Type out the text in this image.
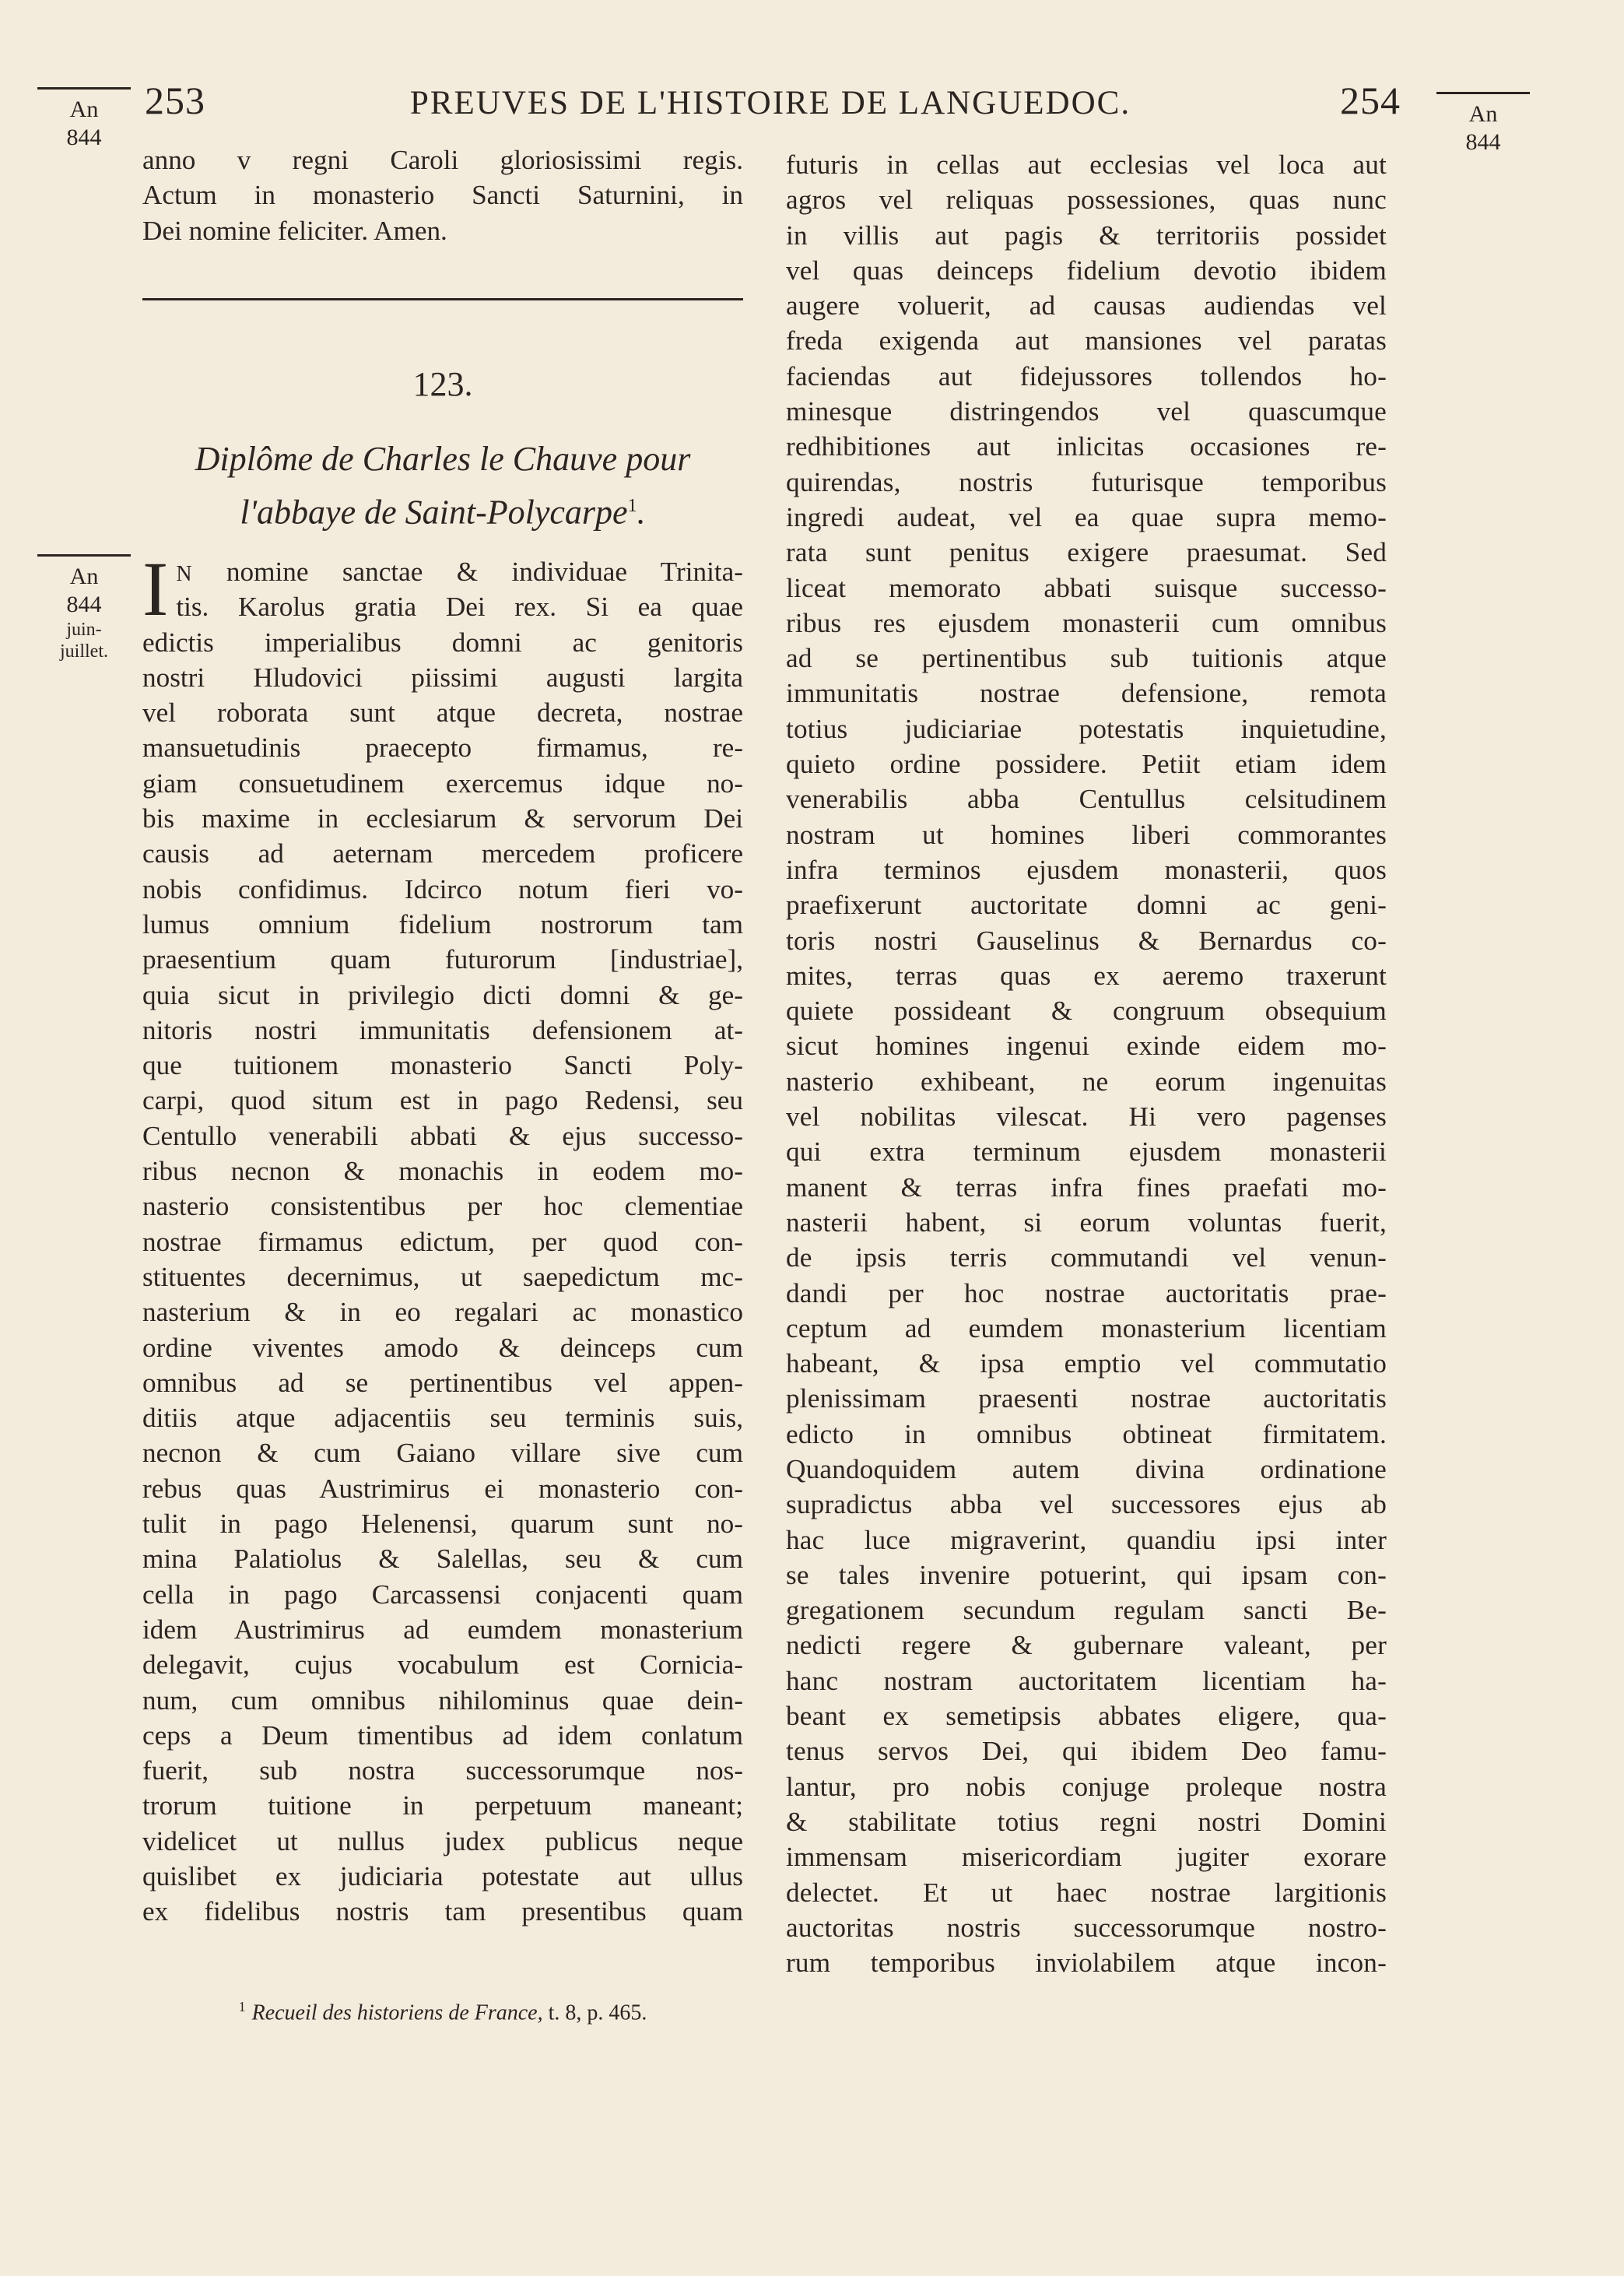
253	PREUVES DE L'HISTOIRE DE LANGUEDOC.	254
An
844
An
844
juin-
juillet.
An
844
anno v regni Caroli gloriosissimi regis.
Actum in monasterio Sancti Saturnini, in
Dei nomine feliciter. Amen.
123.
Diplôme de Charles le Chauve pour
l'abbaye de Saint-Polycarpe$^1$.
I N nomine sanctae & individuae Trinita-
tis. Karolus gratia Dei rex. Si ea quae
edictis imperialibus domni ac genitoris
nostri Hludovici piissimi augusti largita
vel roborata sunt atque decreta, nostrae
mansuetudinis praecepto firmamus, re-
giam consuetudinem exercemus idque no-
bis maxime in ecclesiarum & servorum Dei
causis ad aeternam mercedem proficere
nobis confidimus. Idcirco notum fieri vo-
lumus omnium fidelium nostrorum tam
praesentium quam futurorum [industriae],
quia sicut in privilegio dicti domni & ge-
nitoris nostri immunitatis defensionem at-
que tuitionem monasterio Sancti Poly-
carpi, quod situm est in pago Redensi, seu
Centullo venerabili abbati & ejus successo-
ribus necnon & monachis in eodem mo-
nasterio consistentibus per hoc clementiae
nostrae firmamus edictum, per quod con-
stituentes decernimus, ut saepedictum mc-
nasterium & in eo regalari ac monastico
ordine viventes amodo & deinceps cum
omnibus ad se pertinentibus vel appen-
ditiis atque adjacentiis seu terminis suis,
necnon & cum Gaiano villare sive cum
rebus quas Austrimirus ei monasterio con-
tulit in pago Helenensi, quarum sunt no-
mina Palatiolus & Salellas, seu & cum
cella in pago Carcassensi conjacenti quam
idem Austrimirus ad eumdem monasterium
delegavit, cujus vocabulum est Cornicia-
num, cum omnibus nihilominus quae dein-
ceps a Deum timentibus ad idem conlatum
fuerit, sub nostra successorumque nos-
trorum tuitione in perpetuum maneant;
videlicet ut nullus judex publicus neque
quislibet ex judiciaria potestate aut ullus
ex fidelibus nostris tam presentibus quam
$^1$ Recueil des historiens de France, t. 8, p. 465.
futuris in cellas aut ecclesias vel loca aut
agros vel reliquas possessiones, quas nunc
in villis aut pagis & territoriis possidet
vel quas deinceps fidelium devotio ibidem
augere voluerit, ad causas audiendas vel
freda exigenda aut mansiones vel paratas
faciendas aut fidejussores tollendos ho-
minesque distringendos vel quascumque
redhibitiones aut inlicitas occasiones re-
quirendas, nostris futurisque temporibus
ingredi audeat, vel ea quae supra memo-
rata sunt penitus exigere praesumat. Sed
liceat memorato abbati suisque successo-
ribus res ejusdem monasterii cum omnibus
ad se pertinentibus sub tuitionis atque
immunitatis nostrae defensione, remota
totius judiciariae potestatis inquietudine,
quieto ordine possidere. Petiit etiam idem
venerabilis abba Centullus celsitudinem
nostram ut homines liberi commorantes
infra terminos ejusdem monasterii, quos
praefixerunt auctoritate domni ac geni-
toris nostri Gauselinus & Bernardus co-
mites, terras quas ex aeremo traxerunt
quiete possideant & congruum obsequium
sicut homines ingenui exinde eidem mo-
nasterio exhibeant, ne eorum ingenuitas
vel nobilitas vilescat. Hi vero pagenses
qui extra terminum ejusdem monasterii
manent & terras infra fines praefati mo-
nasterii habent, si eorum voluntas fuerit,
de ipsis terris commutandi vel venun-
dandi per hoc nostrae auctoritatis prae-
ceptum ad eumdem monasterium licentiam
habeant, & ipsa emptio vel commutatio
plenissimam praesenti nostrae auctoritatis
edicto in omnibus obtineat firmitatem.
Quandoquidem autem divina ordinatione
supradictus abba vel successores ejus ab
hac luce migraverint, quandiu ipsi inter
se tales invenire potuerint, qui ipsam con-
gregationem secundum regulam sancti Be-
nedicti regere & gubernare valeant, per
hanc nostram auctoritatem licentiam ha-
beant ex semetipsis abbates eligere, qua-
tenus servos Dei, qui ibidem Deo famu-
lantur, pro nobis conjuge proleque nostra
& stabilitate totius regni nostri Domini
immensam misericordiam jugiter exorare
delectet. Et ut haec nostrae largitionis
auctoritas nostris successorumque nostro-
rum temporibus inviolabilem atque incon-
